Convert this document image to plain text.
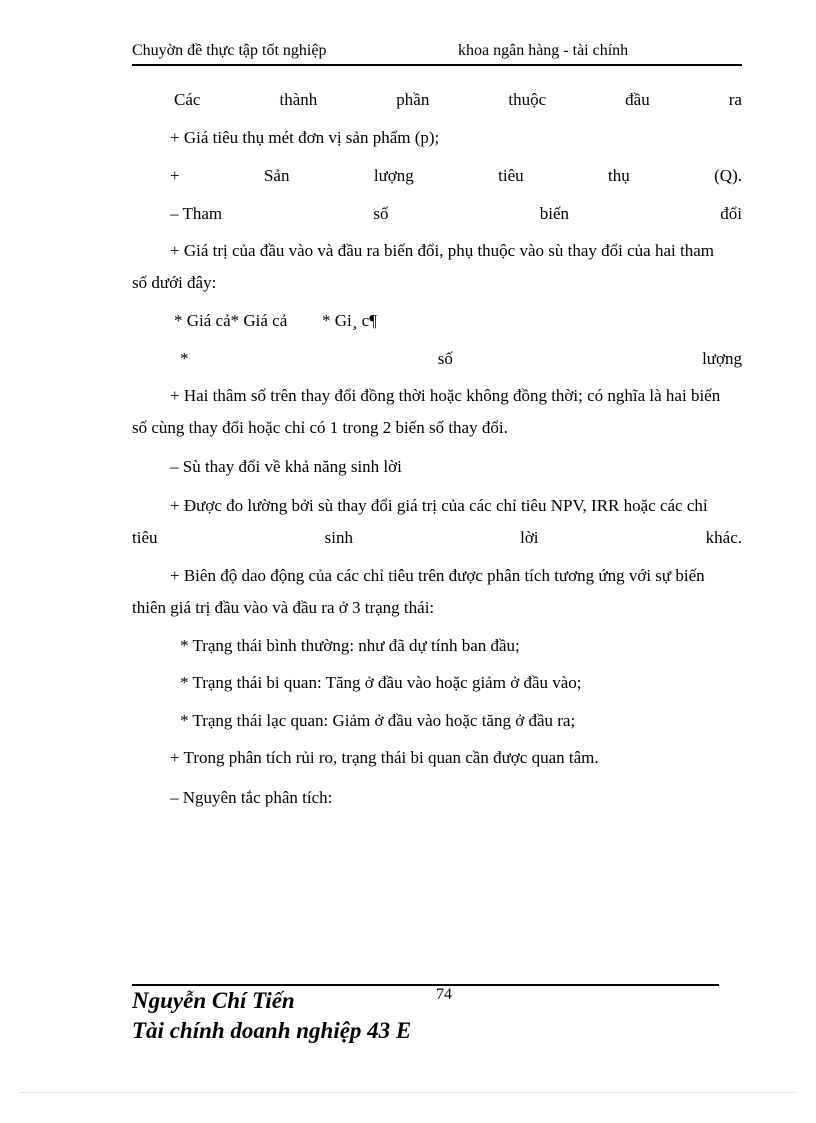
Chuyờn đề thực tập tốt nghiệp	khoa ngân hàng - tài chính
Các	thành	phần	thuộc	đầu	ra
+ Giá tiêu thụ mét đơn vị sản phẩm (p);
+	Sản	lượng	tiêu	thụ	(Q).
– Tham	số	biến	đổi
+ Giá trị của đầu vào và đầu ra biến đổi, phụ thuộc vào sù thay đổi của hai tham
số dưới đây:
* Giá cả* Giá cả * Gi¸ c¶
*	số	lượng
+ Hai thâm số trên thay đổi đồng thời hoặc không đồng thời; có nghĩa là hai biến
số cùng thay đổi hoặc chỉ có 1 trong 2 biến số thay đổi.
– Sù thay đổi về khả năng sinh lời
+ Được đo lường bởi sù thay đổi giá trị của các chỉ tiêu NPV, IRR hoặc các chỉ
tiêu	sinh	lời	khác.
+ Biên độ dao động của các chỉ tiêu trên được phân tích tương ứng với sự biến
thiên giá trị đầu vào và đầu ra ở 3 trạng thái:
* Trạng thái bình thường: như đã dự tính ban đầu;
* Trạng thái bi quan: Tăng ở đầu vào hoặc giảm ở đầu vào;
* Trạng thái lạc quan: Giảm ở đầu vào hoặc tăng ở đầu ra;
+ Trong phân tích rủi ro, trạng thái bi quan cần được quan tâm.
– Nguyên tắc phân tích:
74
Nguyễn Chí Tiến
Tài chính doanh nghiệp 43 E
